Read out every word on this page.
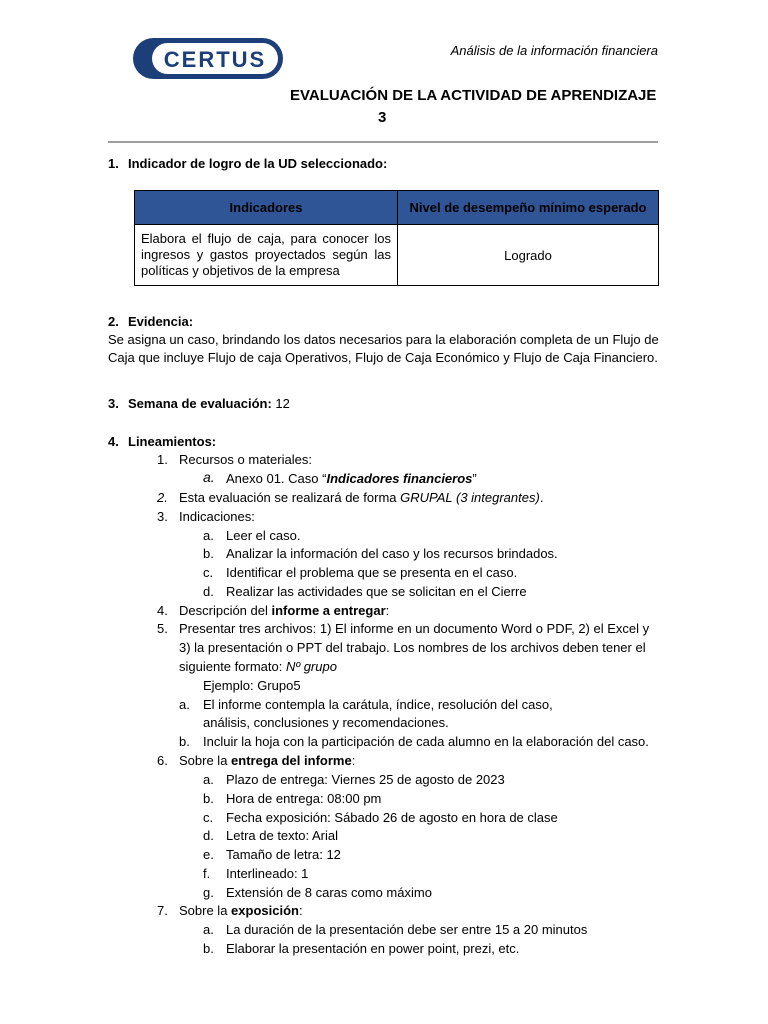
CERTUS	Análisis de la información financiera
EVALUACIÓN DE LA ACTIVIDAD DE APRENDIZAJE
3
1. Indicador de logro de la UD seleccionado:
Indicadores	Nivel de desempeño mínimo esperado
Elabora el flujo de caja, para conocer los ingresos y gastos proyectados según las políticas y objetivos de la empresa	Logrado
2. Evidencia:
Se asigna un caso, brindando los datos necesarios para la elaboración completa de un Flujo de
Caja que incluye Flujo de caja Operativos, Flujo de Caja Económico y Flujo de Caja Financiero.
3. Semana de evaluación: 12
4. Lineamientos:
1. Recursos o materiales:
a. Anexo 01. Caso “Indicadores financieros”
2. Esta evaluación se realizará de forma GRUPAL (3 integrantes).
3. Indicaciones:
a. Leer el caso.
b. Analizar la información del caso y los recursos brindados.
c. Identificar el problema que se presenta en el caso.
d. Realizar las actividades que se solicitan en el Cierre
4. Descripción del informe a entregar:
5. Presentar tres archivos: 1) El informe en un documento Word o PDF, 2) el Excel y
3) la presentación o PPT del trabajo. Los nombres de los archivos deben tener el
siguiente formato: Nº grupo
Ejemplo: Grupo5
a. El informe contempla la carátula, índice, resolución del caso,
análisis, conclusiones y recomendaciones.
b. Incluir la hoja con la participación de cada alumno en la elaboración del caso.
6. Sobre la entrega del informe:
a. Plazo de entrega: Viernes 25 de agosto de 2023
b. Hora de entrega: 08:00 pm
c. Fecha exposición: Sábado 26 de agosto en hora de clase
d. Letra de texto: Arial
e. Tamaño de letra: 12
f. Interlineado: 1
g. Extensión de 8 caras como máximo
7. Sobre la exposición:
a. La duración de la presentación debe ser entre 15 a 20 minutos
b. Elaborar la presentación en power point, prezi, etc.
